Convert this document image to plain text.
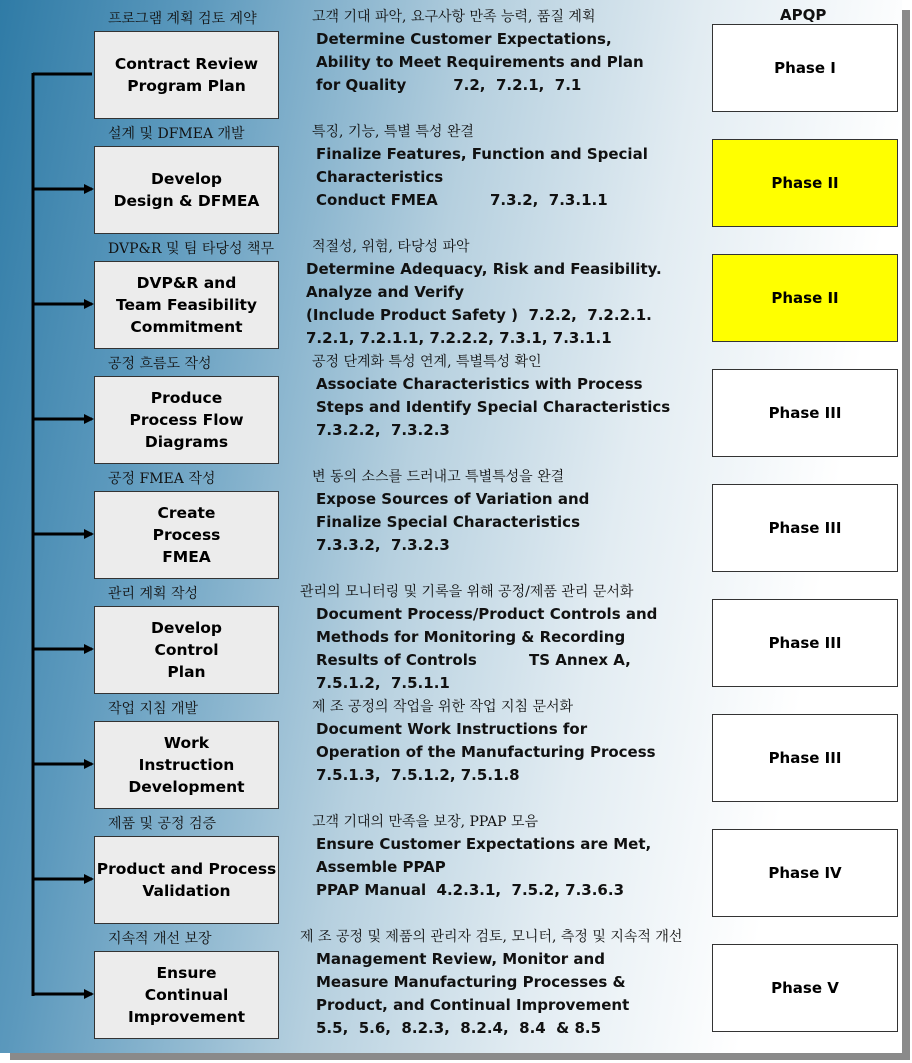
APQP
프로그램 계획 검토 계약
Contract Review
Program Plan
고객 기대 파악, 요구사항 만족 능력, 품질 계획
Determine Customer Expectations,
Ability to Meet Requirements and Plan
for Quality         7.2,  7.2.1,  7.1
Phase I
설계 및 DFMEA 개발
Develop
Design & DFMEA
특징, 기능, 특별 특성 완결
Finalize Features, Function and Special
Characteristics
Conduct FMEA          7.3.2,  7.3.1.1
Phase II
DVP&R 및 팀 타당성 책무
DVP&R and
Team Feasibility
Commitment
적절성, 위험, 타당성 파악
Determine Adequacy, Risk and Feasibility.
Analyze and Verify
(Include Product Safety )  7.2.2,  7.2.2.1.
7.2.1, 7.2.1.1, 7.2.2.2, 7.3.1, 7.3.1.1
Phase II
공정 흐름도 작성
Produce
Process Flow
Diagrams
공정 단계화 특성 연계, 특별특성 확인
Associate Characteristics with Process
Steps and Identify Special Characteristics
7.3.2.2,  7.3.2.3
Phase III
공정 FMEA 작성
Create
Process
FMEA
변 동의 소스를 드러내고 특별특성을 완결
Expose Sources of Variation and
Finalize Special Characteristics
7.3.3.2,  7.3.2.3
Phase III
관리 계획 작성
Develop
Control
Plan
관리의 모니터링 및 기록을 위해 공정/제품 관리 문서화
Document Process/Product Controls and
Methods for Monitoring & Recording
Results of Controls          TS Annex A,
7.5.1.2,  7.5.1.1
Phase III
작업 지침 개발
Work
Instruction
Development
제 조 공정의 작업을 위한 작업 지침 문서화
Document Work Instructions for
Operation of the Manufacturing Process
7.5.1.3,  7.5.1.2, 7.5.1.8
Phase III
제품 및 공정 검증
Product and Process
Validation
고객 기대의 만족을 보장, PPAP 모음
Ensure Customer Expectations are Met,
Assemble PPAP
PPAP Manual  4.2.3.1,  7.5.2, 7.3.6.3
Phase IV
지속적 개선 보장
Ensure
Continual
Improvement
제 조 공정 및 제품의 관리자 검토, 모니터, 측정 및 지속적 개선
Management Review, Monitor and
Measure Manufacturing Processes &
Product, and Continual Improvement
5.5,  5.6,  8.2.3,  8.2.4,  8.4  & 8.5
Phase V
